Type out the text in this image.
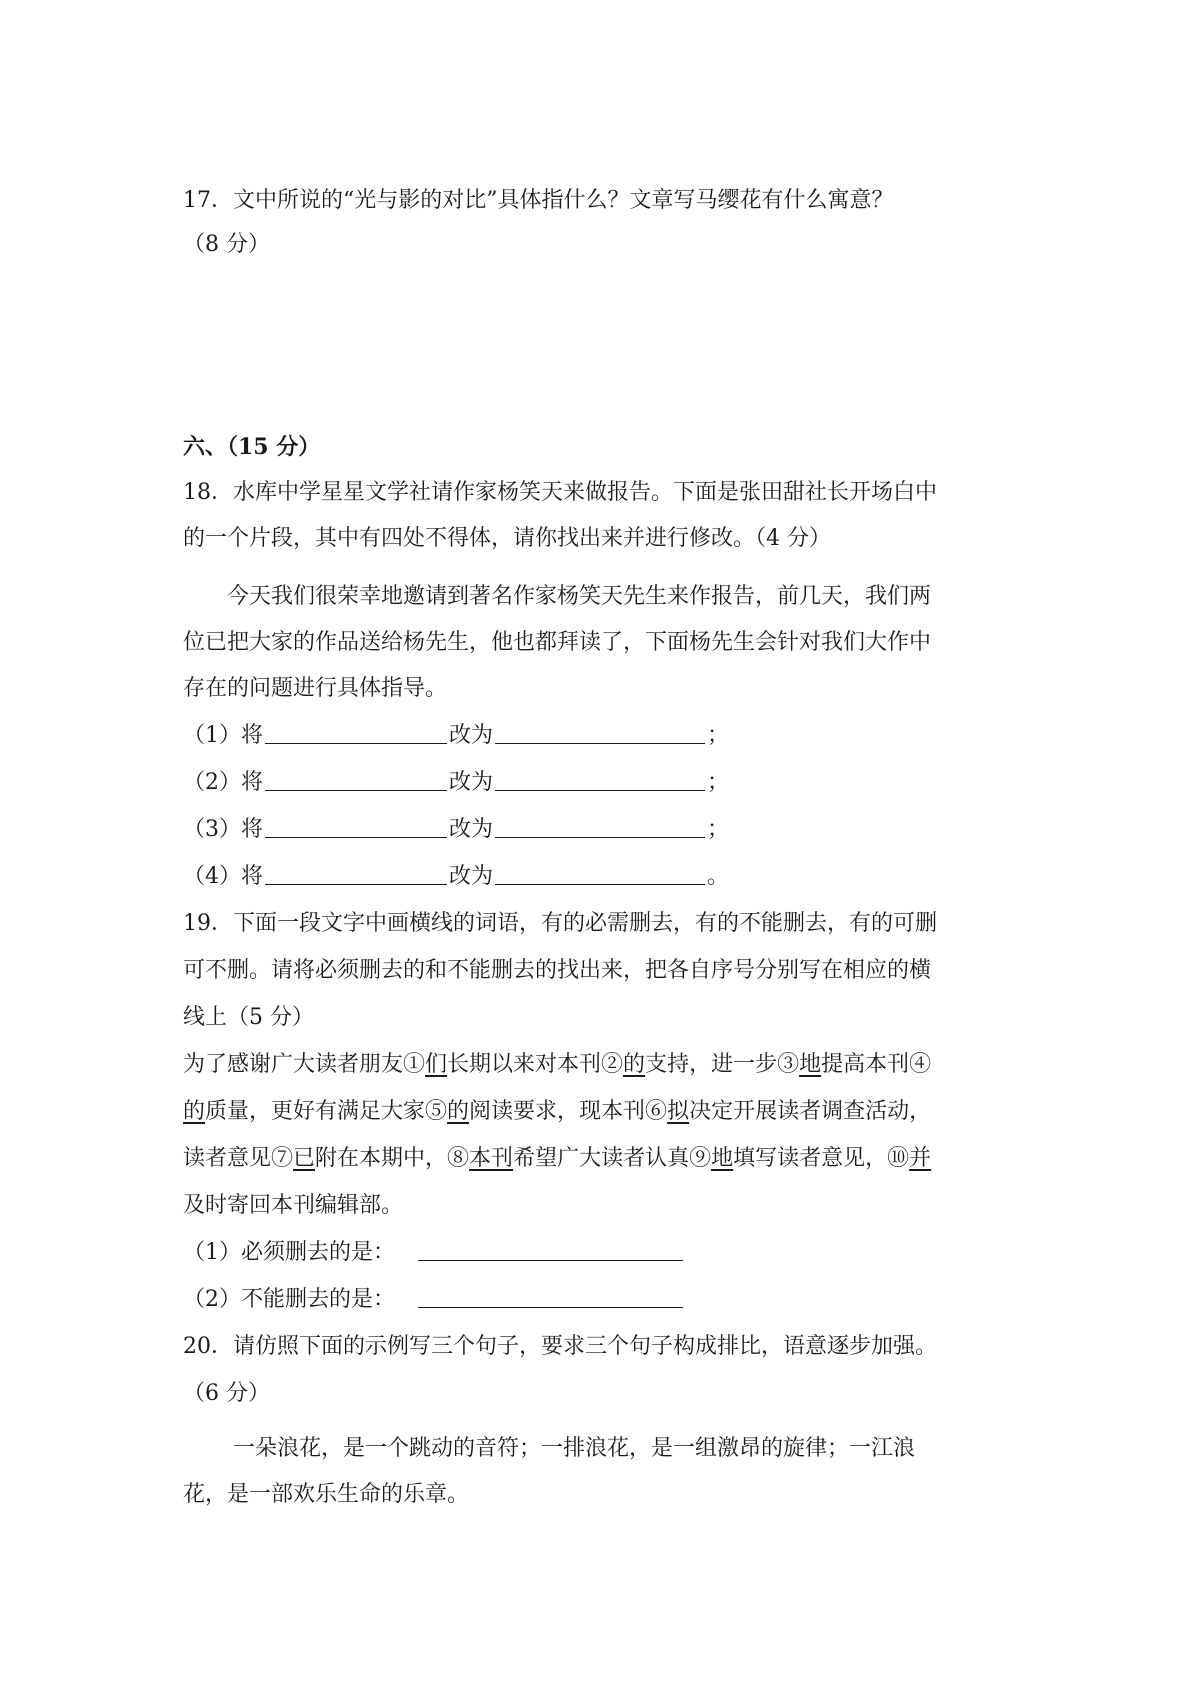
17．文中所说的“光与影的对比”具体指什么？文章写马缨花有什么寓意？
（8 分）
六、（15 分）
18．水库中学星星文学社请作家杨笑天来做报告。下面是张田甜社长开场白中
的一个片段，其中有四处不得体，请你找出来并进行修改。（4 分）
今天我们很荣幸地邀请到著名作家杨笑天先生来作报告，前几天，我们两
位已把大家的作品送给杨先生，他也都拜读了，下面杨先生会针对我们大作中
存在的问题进行具体指导。
（1）将	改为	；
（2）将	改为	；
（3）将	改为	；
（4）将	改为	。
19．下面一段文字中画横线的词语，有的必需删去，有的不能删去，有的可删
可不删。请将必须删去的和不能删去的找出来，把各自序号分别写在相应的横
线上（5 分）
为了感谢广大读者朋友①们长期以来对本刊②的支持，进一步③地提高本刊④
的质量，更好有满足大家⑤的阅读要求，现本刊⑥拟决定开展读者调查活动，
读者意见⑦已附在本期中，⑧本刊希望广大读者认真⑨地填写读者意见，⑩并
及时寄回本刊编辑部。
（1）必须删去的是：
（2）不能删去的是：
20．请仿照下面的示例写三个句子，要求三个句子构成排比，语意逐步加强。
（6 分）
一朵浪花，是一个跳动的音符；一排浪花，是一组激昂的旋律；一江浪
花，是一部欢乐生命的乐章。
